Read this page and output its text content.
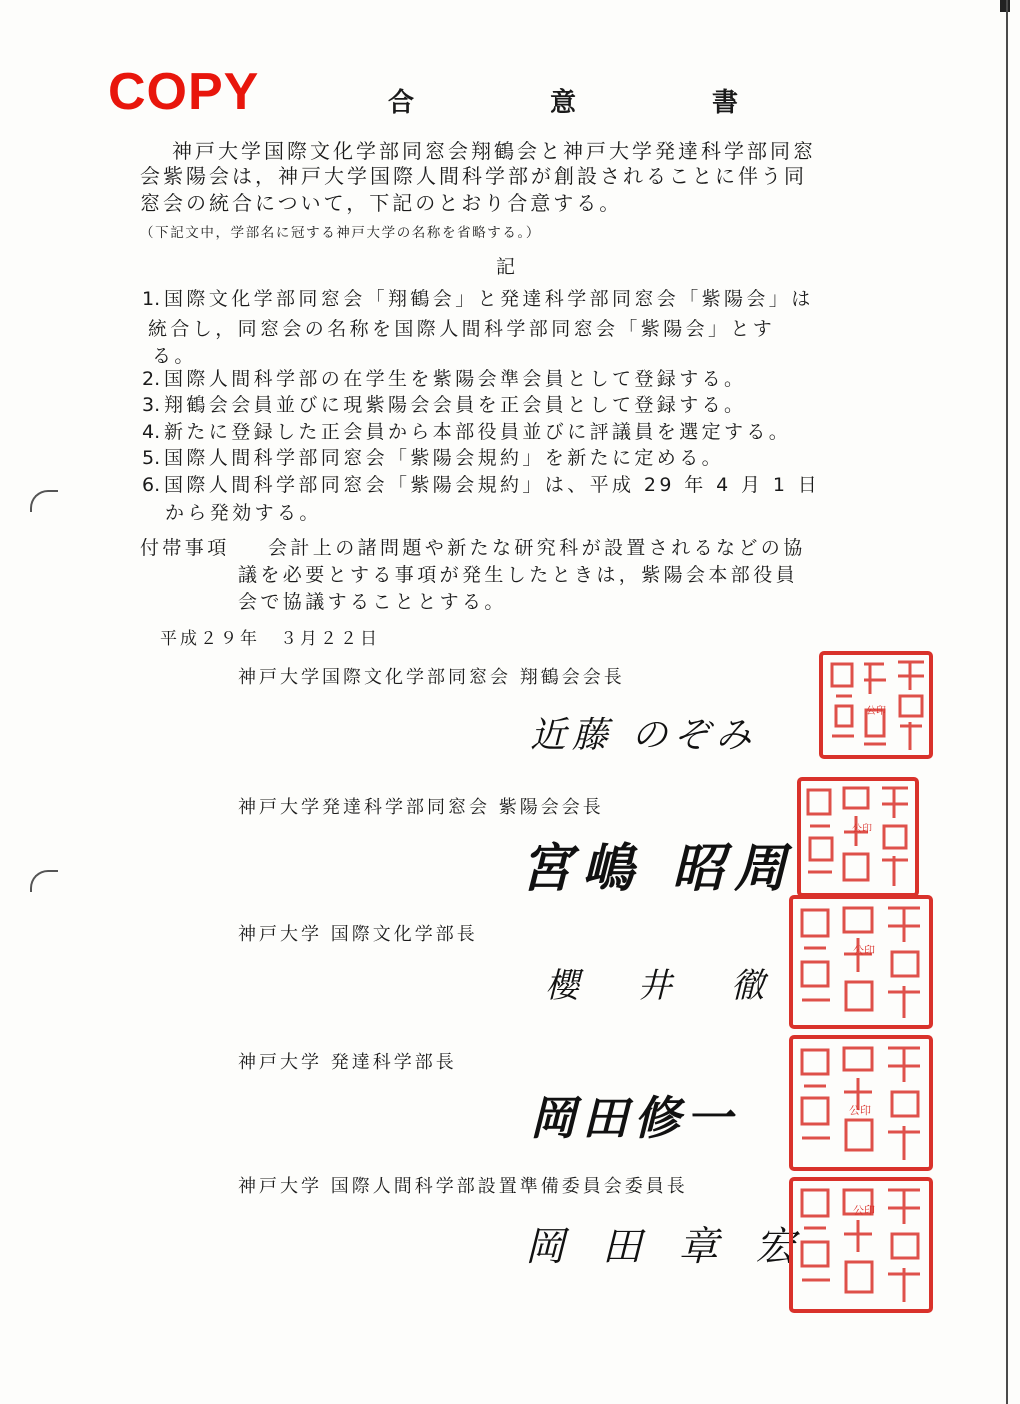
COPY	合　意　書
神戸大学国際文化学部同窓会翔鶴会と神戸大学発達科学部同窓
会紫陽会は，神戸大学国際人間科学部が創設されることに伴う同
窓会の統合について，下記のとおり合意する。
（下記文中，学部名に冠する神戸大学の名称を省略する。）
記
1. 国際文化学部同窓会「翔鶴会」と発達科学部同窓会「紫陽会」は
統合し，同窓会の名称を国際人間科学部同窓会「紫陽会」とす
る。
2. 国際人間科学部の在学生を紫陽会準会員として登録する。
3. 翔鶴会会員並びに現紫陽会会員を正会員として登録する。
4. 新たに登録した正会員から本部役員並びに評議員を選定する。
5. 国際人間科学部同窓会「紫陽会規約」を新たに定める。
6. 国際人間科学部同窓会「紫陽会規約」は、平成 29 年 4 月 1 日
から発効する。
付帯事項 会計上の諸問題や新たな研究科が設置されるなどの協
議を必要とする事項が発生したときは，紫陽会本部役員
会で協議することとする。
平成２９年　３月２２日
神戸大学国際文化学部同窓会 翔鶴会会長
近藤 のぞみ
神戸大学発達科学部同窓会 紫陽会会長
宮嶋 昭周
神戸大学 国際文化学部長
櫻 井 徹
神戸大学 発達科学部長
岡田修一
神戸大学 国際人間科学部設置準備委員会委員長
岡 田 章 宏
公印
公印
公印
公印
公印
